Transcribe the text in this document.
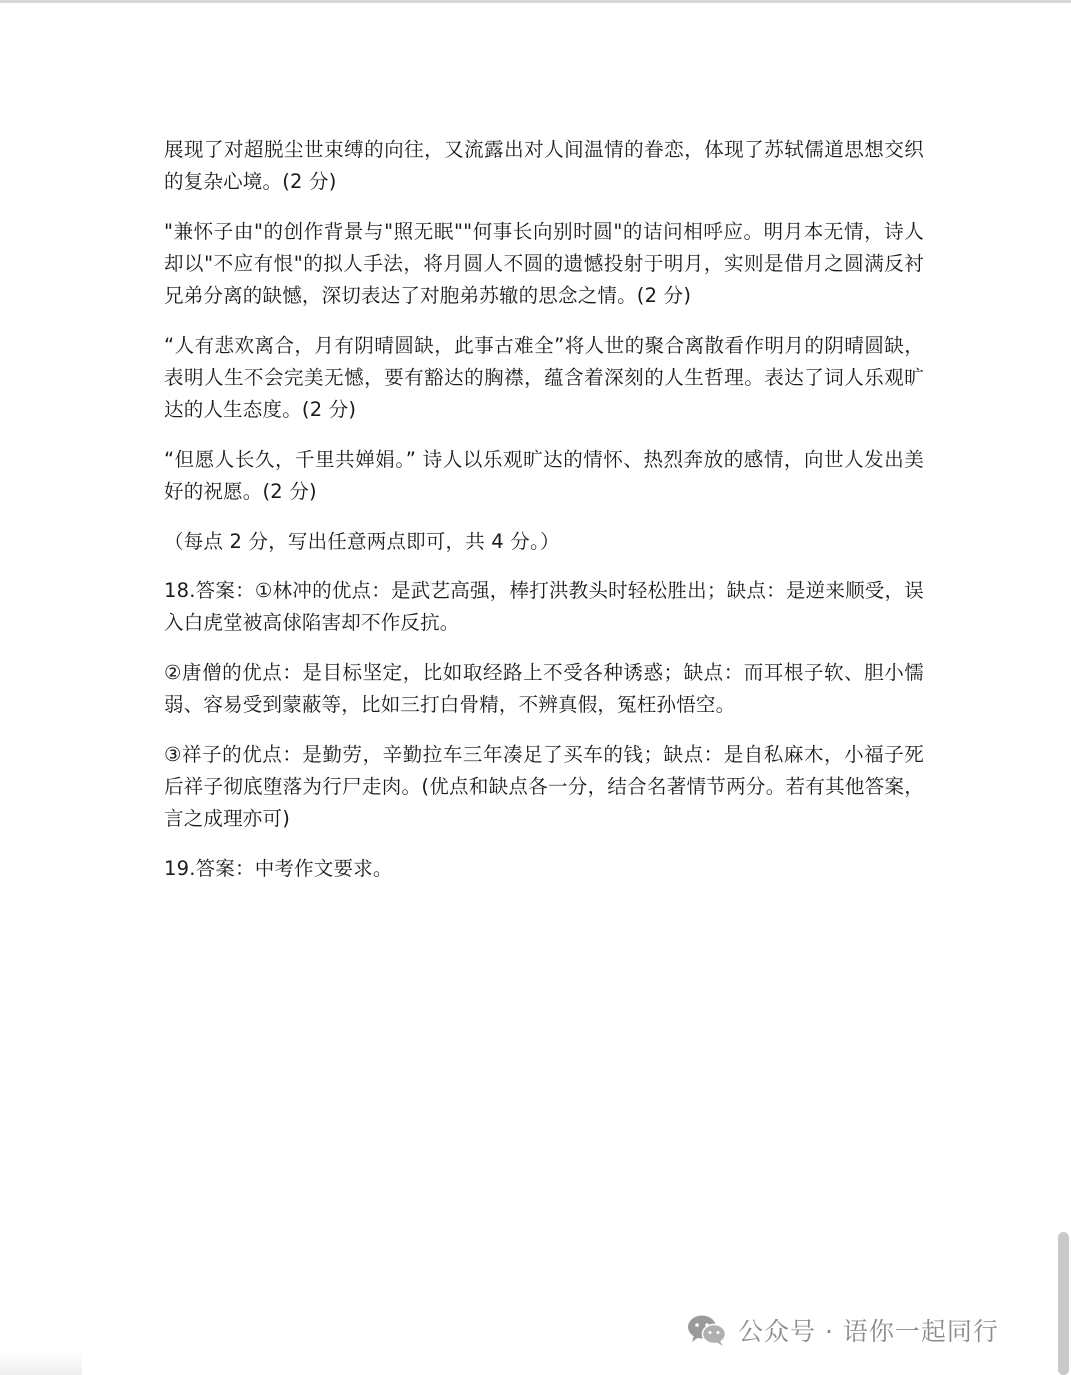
展现了对超脱尘世束缚的向往，又流露出对人间温情的眷恋，体现了苏轼儒道思想交织的复杂心境。(2 分)

"兼怀子由"的创作背景与"照无眠""何事长向别时圆"的诘问相呼应。明月本无情，诗人却以"不应有恨"的拟人手法，将月圆人不圆的遗憾投射于明月，实则是借月之圆满反衬兄弟分离的缺憾，深切表达了对胞弟苏辙的思念之情。(2 分)

“人有悲欢离合，月有阴晴圆缺，此事古难全”将人世的聚合离散看作明月的阴晴圆缺，表明人生不会完美无憾，要有豁达的胸襟，蕴含着深刻的人生哲理。表达了词人乐观旷达的人生态度。(2 分)

“但愿人长久，千里共婵娟。” 诗人以乐观旷达的情怀、热烈奔放的感情，向世人发出美好的祝愿。(2 分)

（每点 2 分，写出任意两点即可，共 4 分。）

18.答案：①林冲的优点：是武艺高强，棒打洪教头时轻松胜出；缺点：是逆来顺受，误入白虎堂被高俅陷害却不作反抗。

②唐僧的优点：是目标坚定，比如取经路上不受各种诱惑；缺点：而耳根子软、胆小懦弱、容易受到蒙蔽等，比如三打白骨精，不辨真假，冤枉孙悟空。

③祥子的优点：是勤劳，辛勤拉车三年凑足了买车的钱；缺点：是自私麻木，小福子死后祥子彻底堕落为行尸走肉。(优点和缺点各一分，结合名著情节两分。若有其他答案，言之成理亦可)

19.答案：中考作文要求。

公众号 · 语你一起同行
